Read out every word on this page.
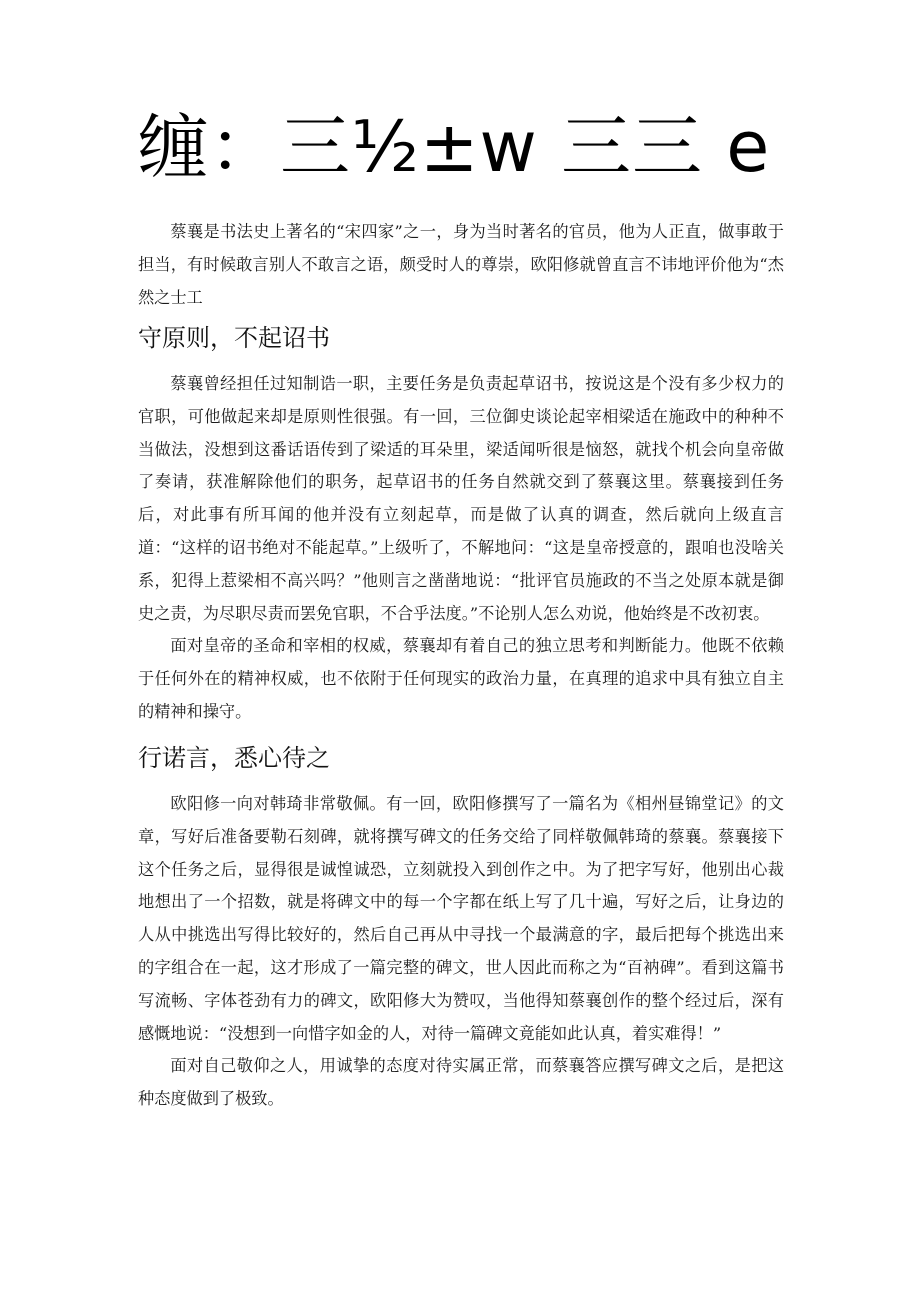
缠：三½±w 三三 e

蔡襄是书法史上著名的“宋四家”之一，身为当时著名的官员，他为人正直，做事敢于担当，有时候敢言别人不敢言之语，颇受时人的尊崇，欧阳修就曾直言不讳地评价他为“杰然之士工

守原则，不起诏书

蔡襄曾经担任过知制诰一职，主要任务是负责起草诏书，按说这是个没有多少权力的官职，可他做起来却是原则性很强。有一回，三位御史谈论起宰相梁适在施政中的种种不当做法，没想到这番话语传到了梁适的耳朵里，梁适闻听很是恼怒，就找个机会向皇帝做了奏请，获准解除他们的职务，起草诏书的任务自然就交到了蔡襄这里。蔡襄接到任务后，对此事有所耳闻的他并没有立刻起草，而是做了认真的调查，然后就向上级直言道：“这样的诏书绝对不能起草。”上级听了，不解地问：“这是皇帝授意的，跟咱也没啥关系，犯得上惹梁相不高兴吗？”他则言之凿凿地说：“批评官员施政的不当之处原本就是御史之责，为尽职尽责而罢免官职，不合乎法度。”不论别人怎么劝说，他始终是不改初衷。

面对皇帝的圣命和宰相的权威，蔡襄却有着自己的独立思考和判断能力。他既不依赖于任何外在的精神权威，也不依附于任何现实的政治力量，在真理的追求中具有独立自主的精神和操守。

行诺言，悉心待之

欧阳修一向对韩琦非常敬佩。有一回，欧阳修撰写了一篇名为《相州昼锦堂记》的文章，写好后准备要勒石刻碑，就将撰写碑文的任务交给了同样敬佩韩琦的蔡襄。蔡襄接下这个任务之后，显得很是诚惶诚恐，立刻就投入到创作之中。为了把字写好，他别出心裁地想出了一个招数，就是将碑文中的每一个字都在纸上写了几十遍，写好之后，让身边的人从中挑选出写得比较好的，然后自己再从中寻找一个最满意的字，最后把每个挑选出来的字组合在一起，这才形成了一篇完整的碑文，世人因此而称之为“百衲碑”。看到这篇书写流畅、字体苍劲有力的碑文，欧阳修大为赞叹，当他得知蔡襄创作的整个经过后，深有感慨地说：“没想到一向惜字如金的人，对待一篇碑文竟能如此认真，着实难得！”

面对自己敬仰之人，用诚挚的态度对待实属正常，而蔡襄答应撰写碑文之后，是把这种态度做到了极致。
